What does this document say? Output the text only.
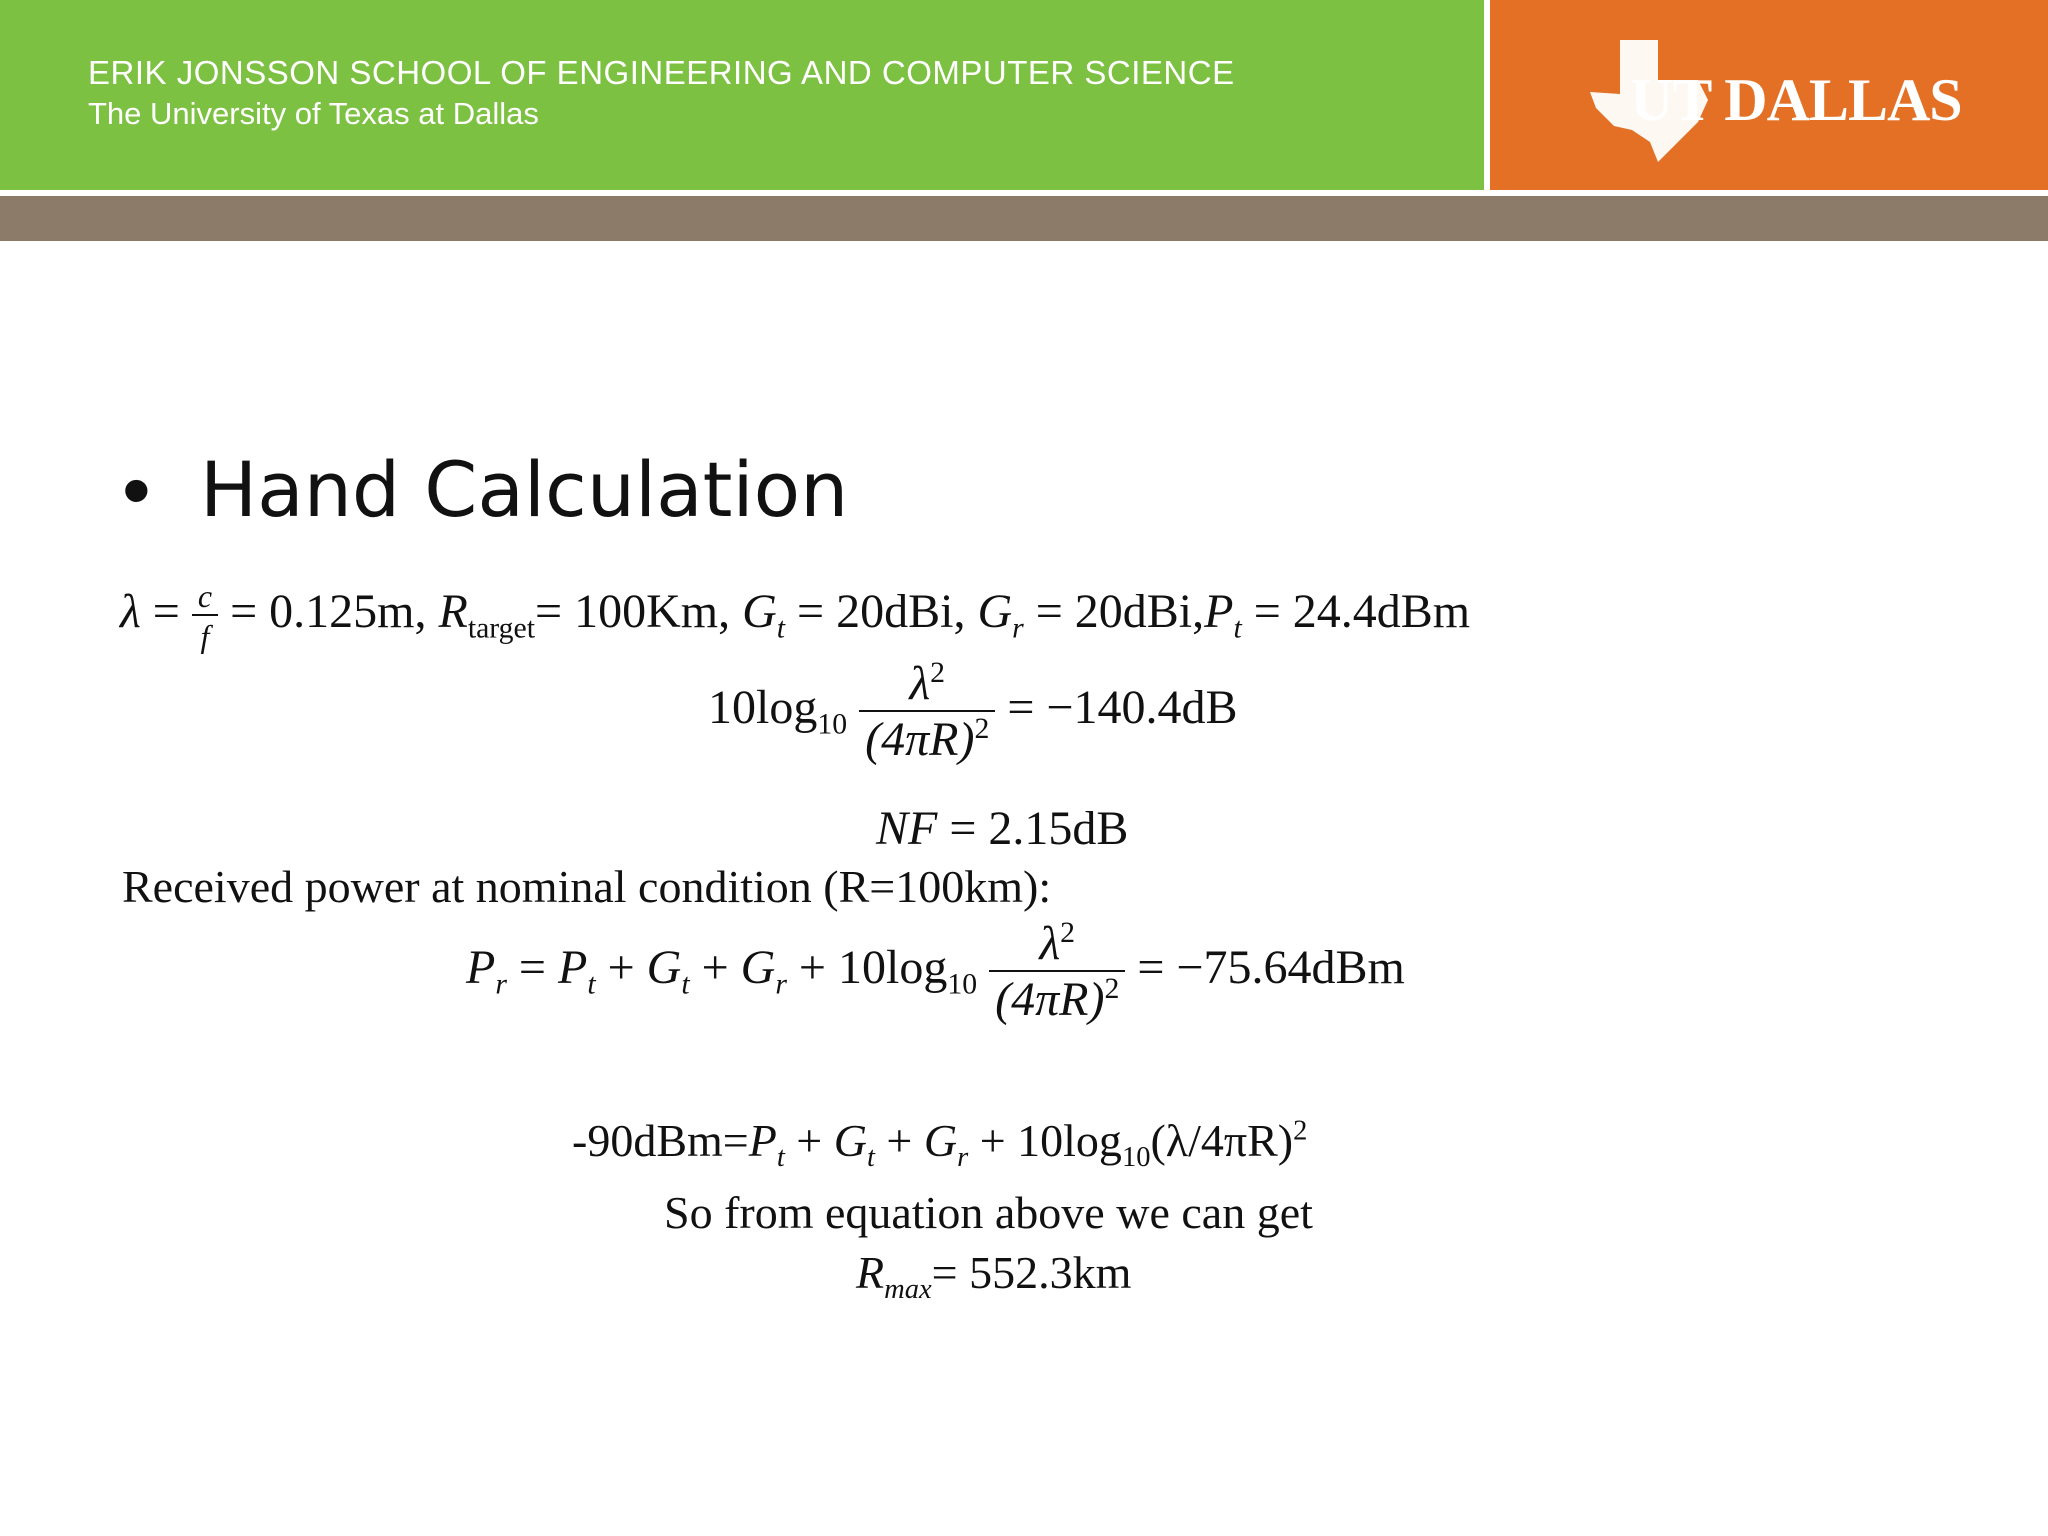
ERIK JONSSON SCHOOL OF ENGINEERING AND COMPUTER SCIENCE
The University of Texas at Dallas	UT DALLAS
• Hand Calculation
$\lambda = \frac{c}{f} = 0.125m$, $R_{target}= 100Km$, $G_t = 20dBi$, $G_r = 20dBi,P_t = 24.4dBm$
$10\log_{10} \frac{\lambda^2}{(4\pi R)^2} = -140.4dB$
NF = 2.15dB
Received power at nominal condition (R=100km):
$P_r = P_t + G_t + G_r + 10\log_{10} \frac{\lambda^2}{(4\pi R)^2} = -75.64dBm$
$-90dBm=P_t + G_t + G_r + 10\log_{10}(\lambda/4\pi R)^2$
So from equation above we can get
$R_{max}= 552.3km$
